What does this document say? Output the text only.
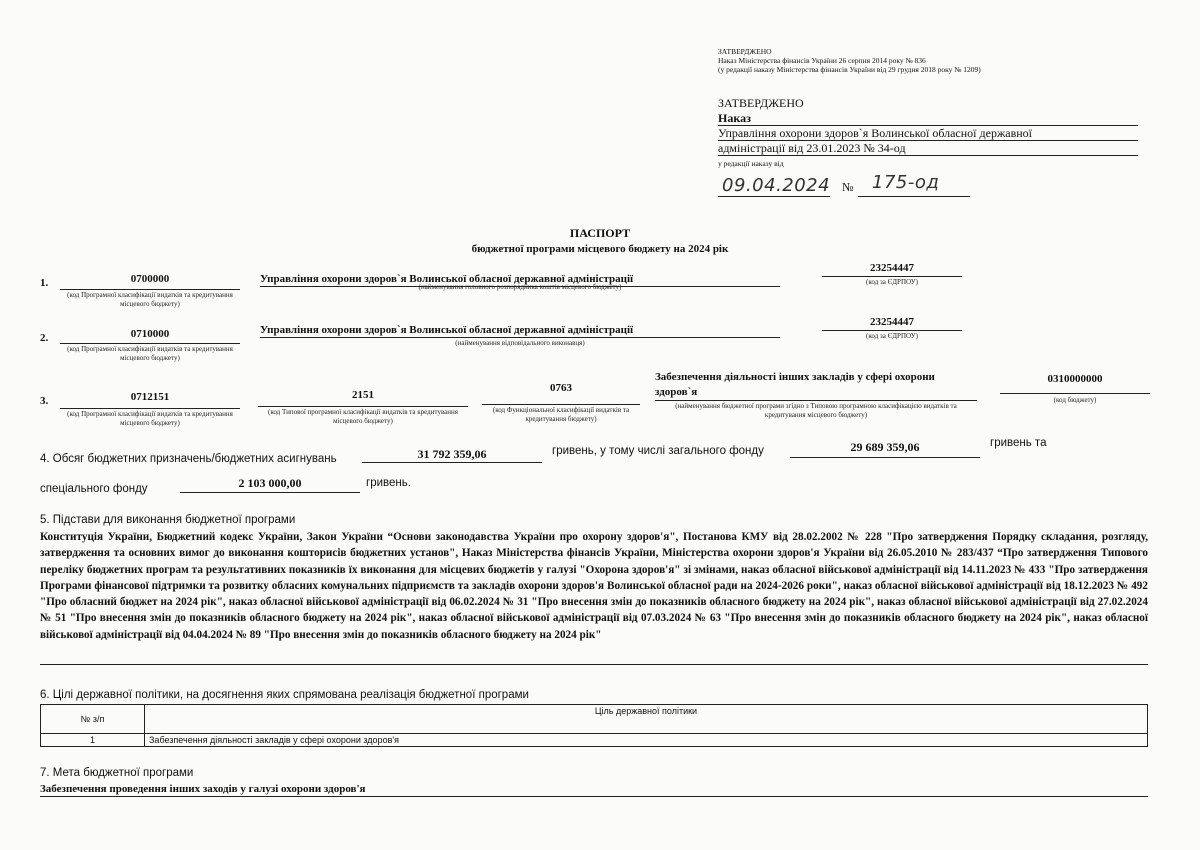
ЗАТВЕРДЖЕНО
Наказ Міністерства фінансів України 26 серпня 2014 року № 836
(у редакції наказу Міністерства фінансів України від 29 грудня 2018 року № 1209)
ЗАТВЕРДЖЕНО
Наказ
Управління охорони здоров`я Волинської обласної державної
адміністрації від 23.01.2023 № 34-од
у редакції наказу від
09.04.2024 № 175-од
ПАСПОРТ
бюджетної програми місцевого бюджету на 2024 рік
1.	0700000
(код Програмної класифікації видатків та кредитування місцевого бюджету)
Управління охорони здоров`я Волинської обласної державної адміністрації
(найменування головного розпорядника коштів місцевого бюджету)
23254447
(код за ЄДРПОУ)
2.	0710000
(код Програмної класифікації видатків та кредитування місцевого бюджету)
Управління охорони здоров`я Волинської обласної державної адміністрації
(найменування відповідального виконавця)
23254447
(код за ЄДРПОУ)
3.	0712151
(код Програмної класифікації видатків та кредитування місцевого бюджету)
2151
(код Типової програмної класифікації видатків та кредитування місцевого бюджету)
0763
(код Функціональної класифікації видатків та кредитування бюджету)
Забезпечення діяльності інших закладів у сфері охорони
здоров`я
(найменування бюджетної програми згідно з Типовою програмною класифікацією видатків та кредитування місцевого бюджету)
0310000000
(код бюджету)
4. Обсяг бюджетних призначень/бюджетних асигнувань	31 792 359,06	гривень, у тому числі загального фонду	29 689 359,06	гривень та
спеціального фонду	2 103 000,00	гривень.
5. Підстави для виконання бюджетної програми
Конституція України, Бюджетний кодекс України, Закон України “Основи законодавства України про охорону здоров'я", Постанова КМУ від 28.02.2002 № 228 "Про затвердження Порядку складання, розгляду, затвердження та основних вимог до виконання кошторисів бюджетних установ", Наказ Міністерства фінансів України, Міністерства охорони здоров'я України від 26.05.2010 № 283/437 “Про затвердження Типового переліку бюджетних програм та результативних показників їх виконання для місцевих бюджетів у галузі "Охорона здоров'я" зі змінами, наказ обласної військової адміністрації від 14.11.2023 № 433 "Про затвердження Програми фінансової підтримки та розвитку обласних комунальних підприємств та закладів охорони здоров'я Волинської обласної ради на 2024-2026 роки", наказ обласної військової адміністрації від 18.12.2023 № 492 "Про обласний бюджет на 2024 рік", наказ обласної військової адміністрації від 06.02.2024 № 31 "Про внесення змін до показників обласного бюджету на 2024 рік", наказ обласної військової адміністрації від 27.02.2024 № 51 "Про внесення змін до показників обласного бюджету на 2024 рік", наказ обласної військової адміністрації від 07.03.2024 № 63 "Про внесення змін до показників обласного бюджету на 2024 рік", наказ обласної військової адміністрації від 04.04.2024 № 89 "Про внесення змін до показників обласного бюджету на 2024 рік"
6. Цілі державної політики, на досягнення яких спрямована реалізація бюджетної програми
№ з/п	Ціль державної політики
1	Забезпечення діяльності закладів у сфері охорони здоров'я
7. Мета бюджетної програми
Забезпечення проведення інших заходів у галузі охорони здоров'я
